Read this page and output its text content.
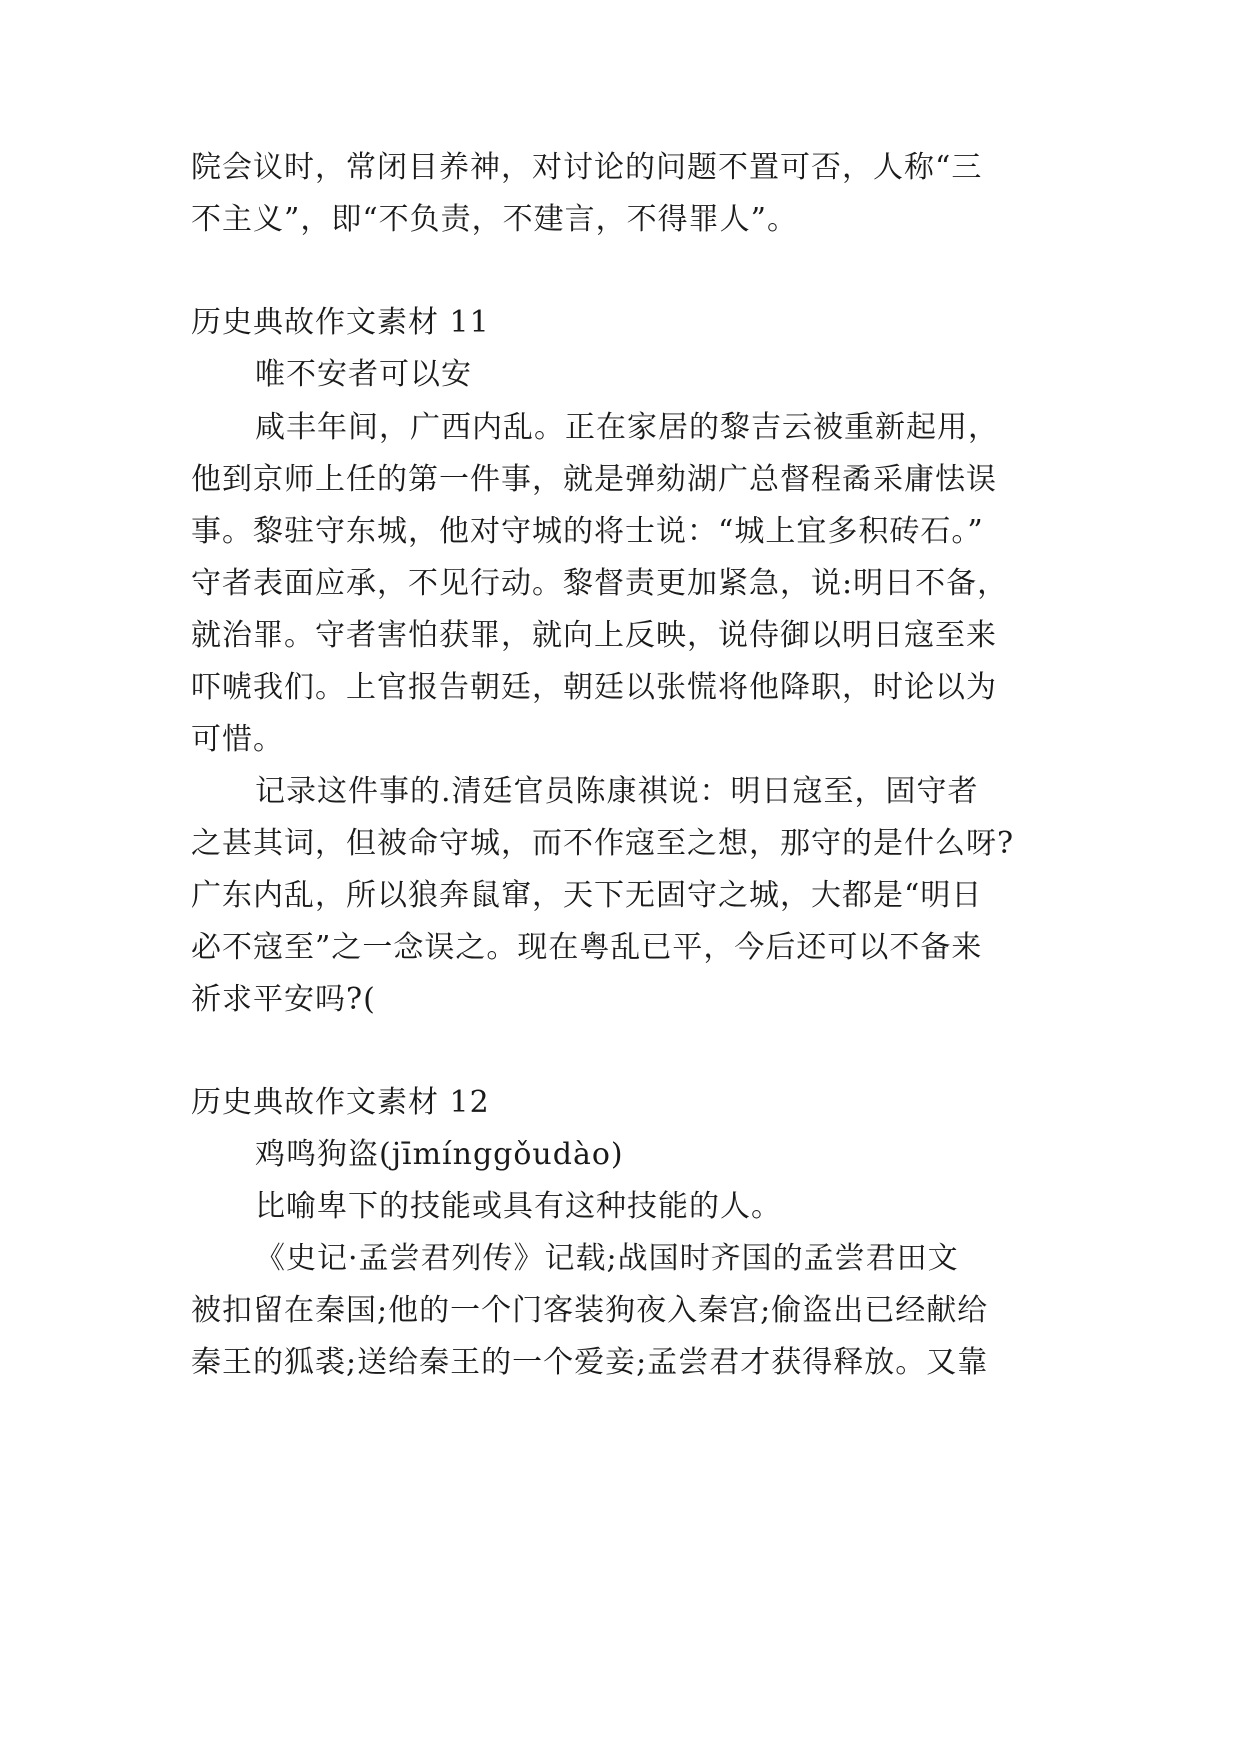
院会议时，常闭目养神，对讨论的问题不置可否，人称“三
不主义”，即“不负责，不建言，不得罪人”。
历史典故作文素材 11
唯不安者可以安
咸丰年间，广西内乱。正在家居的黎吉云被重新起用，
他到京师上任的第一件事，就是弹劾湖广总督程矞采庸怯误
事。黎驻守东城，他对守城的将士说：“城上宜多积砖石。”
守者表面应承，不见行动。黎督责更加紧急，说:明日不备，
就治罪。守者害怕获罪，就向上反映，说侍御以明日寇至来
吓唬我们。上官报告朝廷，朝廷以张慌将他降职，时论以为
可惜。
记录这件事的.清廷官员陈康祺说：明日寇至，固守者
之甚其词，但被命守城，而不作寇至之想，那守的是什么呀?
广东内乱，所以狼奔鼠窜，天下无固守之城，大都是“明日
必不寇至”之一念误之。现在粤乱已平，今后还可以不备来
祈求平安吗?(
历史典故作文素材 12
鸡鸣狗盗(jīmínggǒudào)
比喻卑下的技能或具有这种技能的人。
《史记·孟尝君列传》记载;战国时齐国的孟尝君田文
被扣留在秦国;他的一个门客装狗夜入秦宫;偷盗出已经献给
秦王的狐裘;送给秦王的一个爱妾;孟尝君才获得释放。又靠
